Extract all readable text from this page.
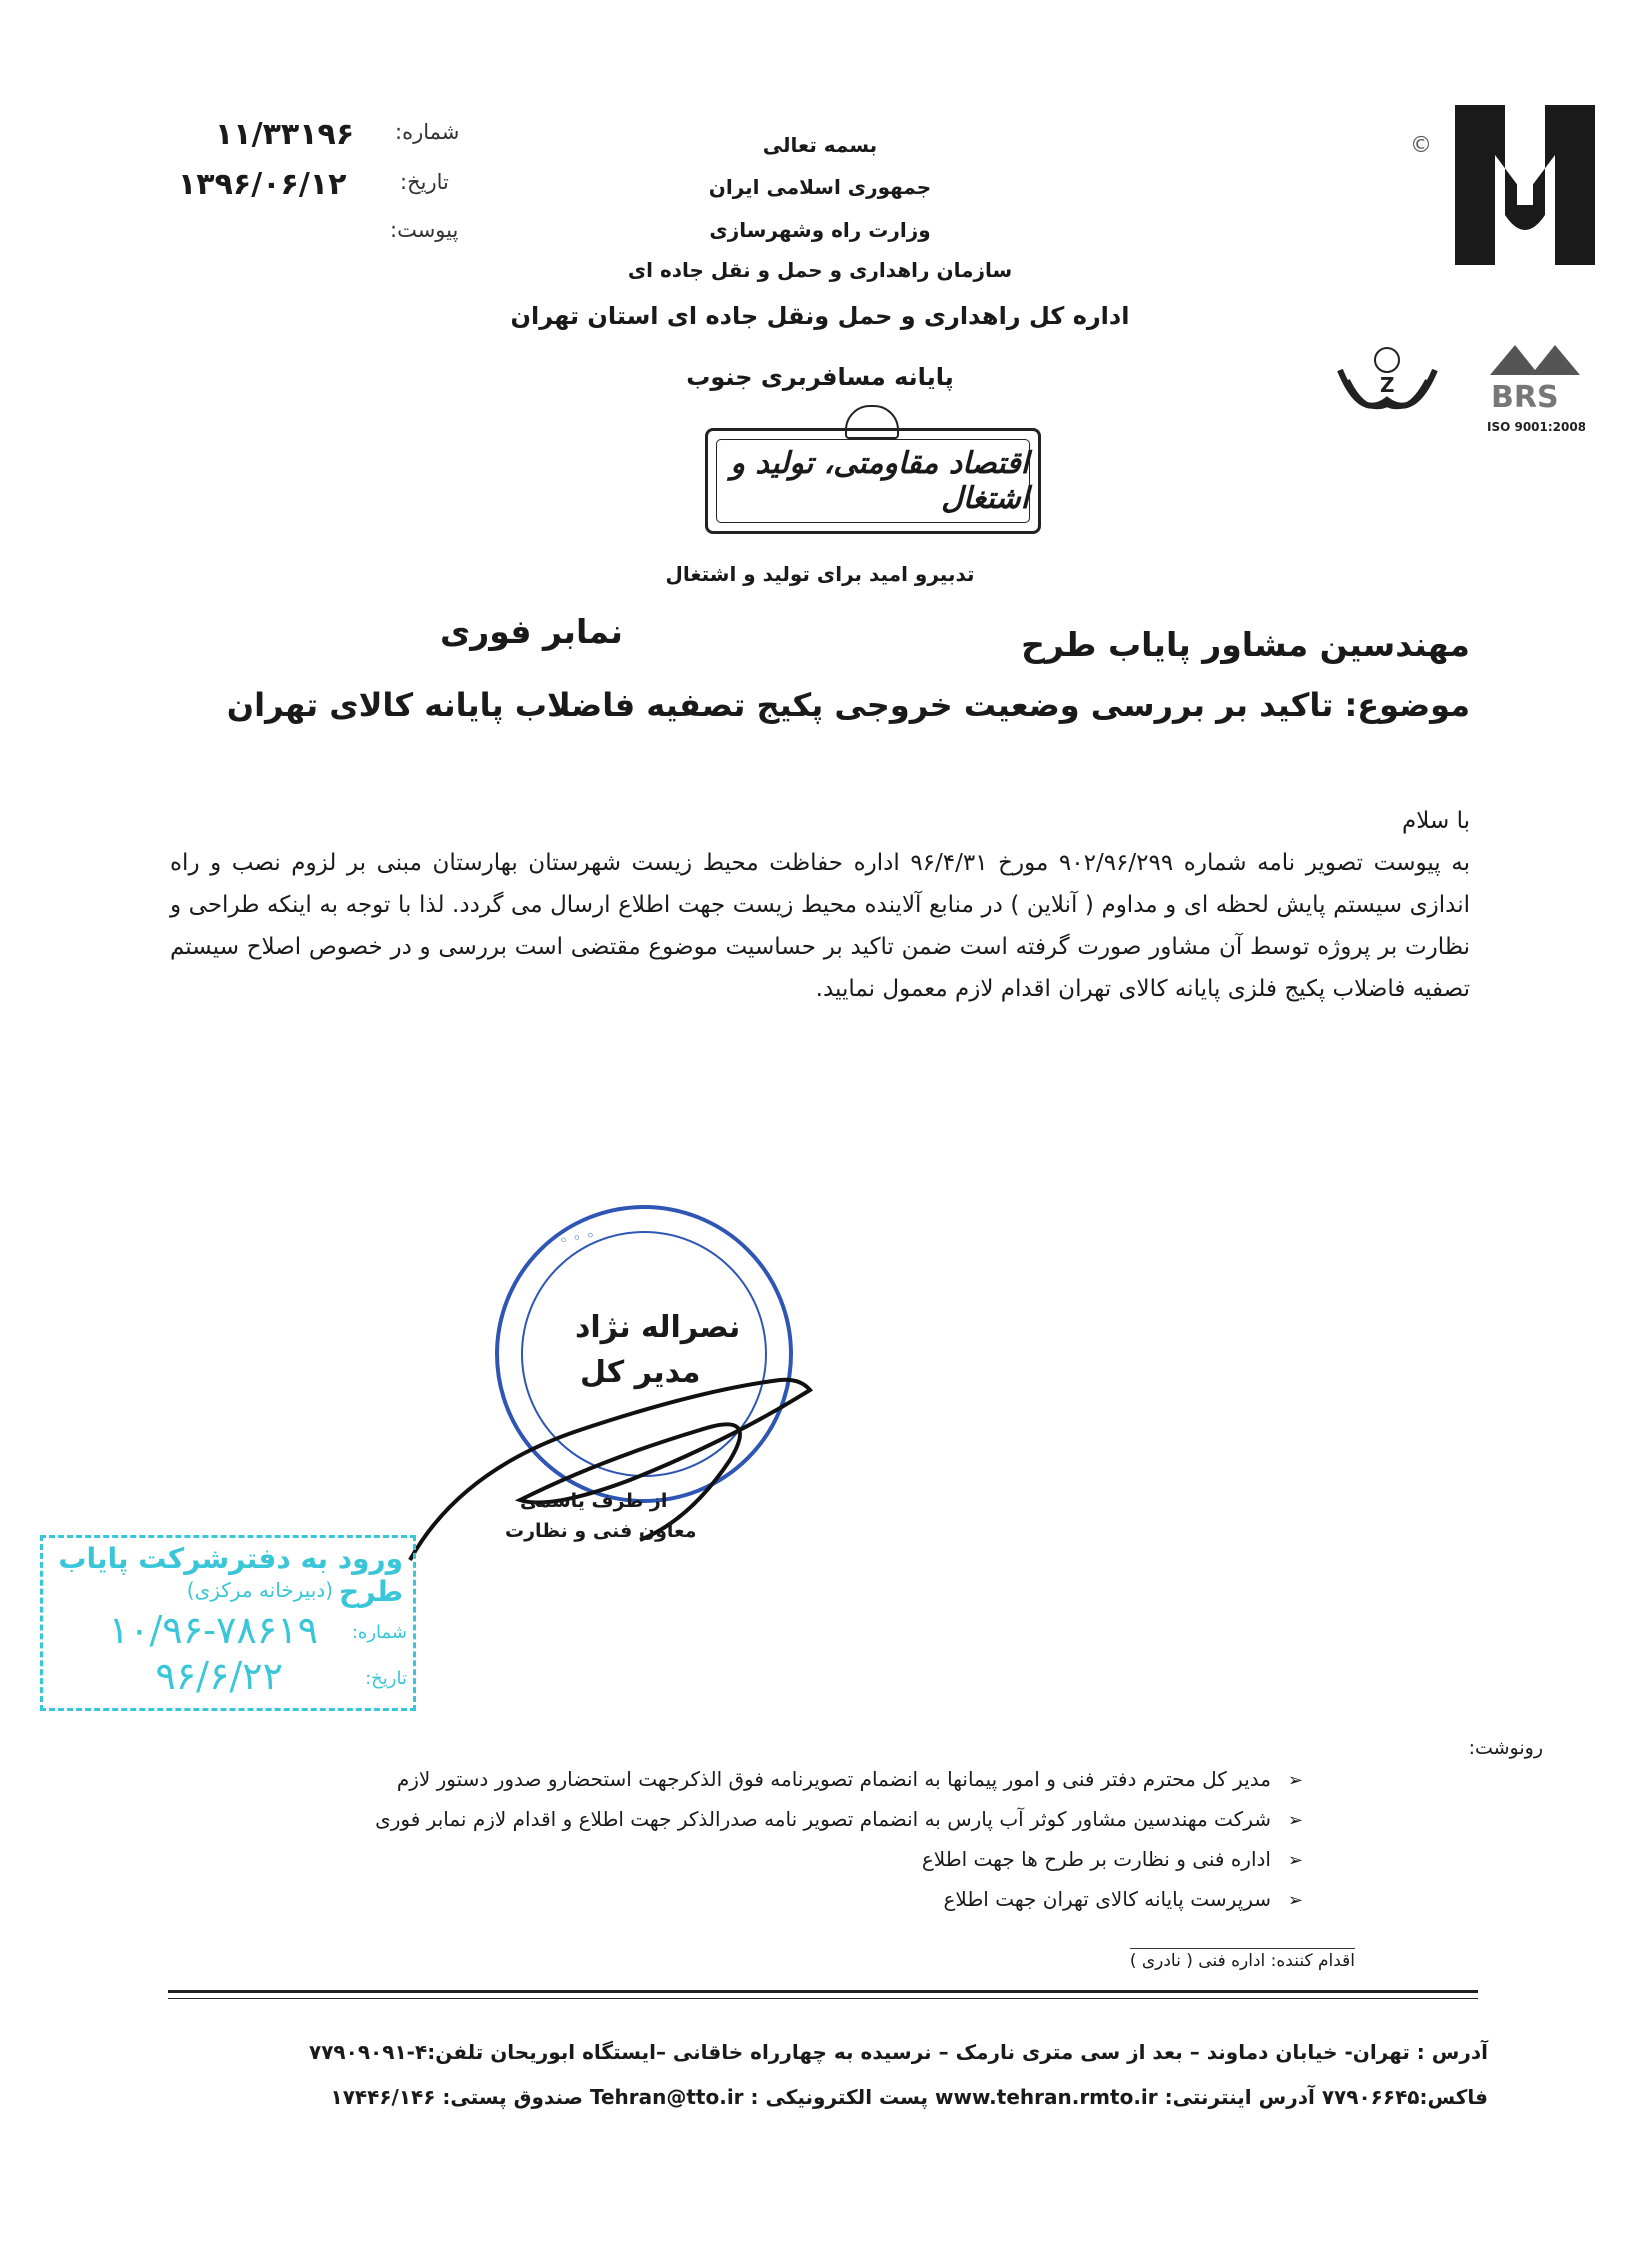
©
Z	BRS
ISO 9001:2008
شماره:
۱۱/۳۳۱۹۶
تاریخ:
۱۳۹۶/۰۶/۱۲
پیوست:
بسمه تعالی
جمهوری اسلامی ایران
وزارت راه وشهرسازی
سازمان راهداری و حمل و نقل جاده ای
اداره کل راهداری و حمل ونقل جاده ای استان تهران
پایانه مسافربری جنوب
اقتصاد مقاومتی، تولید و اشتغال
تدبیرو امید برای تولید و اشتغال
مهندسین مشاور پایاب طرح
نمابر فوری
موضوع: تاکید بر بررسی وضعیت خروجی پکیج تصفیه فاضلاب پایانه کالای تهران

با سلام

به پیوست تصویر نامه شماره ۹۰۲/۹۶/۲۹۹ مورخ ۹۶/۴/۳۱ اداره حفاظت محیط زیست شهرستان بهارستان مبنی بر لزوم نصب و راه اندازی سیستم پایش لحظه ای و مداوم ( آنلاین ) در منابع آلاینده محیط زیست جهت اطلاع ارسال می گردد. لذا با توجه به اینکه طراحی و نظارت بر پروژه توسط آن مشاور صورت گرفته است ضمن تاکید بر حساسیت موضوع مقتضی است بررسی و در خصوص اصلاح سیستم تصفیه فاضلاب پکیج فلزی پایانه کالای تهران اقدام لازم معمول نمایید.

◦ ◦ ◦
نصراله نژاد
مدیر کل
از طرف یاسمی
معاون فنی و نظارت
ورود به دفترشرکت پایاب طرح
(دبیرخانه مرکزی)
شماره:
۱۰/۹۶-۷۸۶۱۹
تاریخ:
۹۶/۶/۲۲
رونوشت:
➢مدیر کل محترم دفتر فنی و امور پیمانها به انضمام تصویرنامه فوق الذکرجهت استحضارو صدور دستور لازم
➢شرکت مهندسین مشاور کوثر آب پارس به انضمام تصویر نامه صدرالذکر جهت اطلاع و اقدام لازم نمابر فوری
➢اداره فنی و نظارت بر طرح ها جهت اطلاع
➢سرپرست پایانه کالای تهران جهت اطلاع
اقدام کننده: اداره فنی ( نادری )
آدرس : تهران- خیابان دماوند – بعد از سی متری نارمک – نرسیده به چهارراه خاقانی –ایستگاه ابوریحان تلفن:۴-۷۷۹۰۹۰۹۱
فاکس:۷۷۹۰۶۶۴۵ آدرس اینترنتی: www.tehran.rmto.ir پست الکترونیکی : Tehran@tto.ir صندوق پستی: ۱۷۴۴۶/۱۴۶
